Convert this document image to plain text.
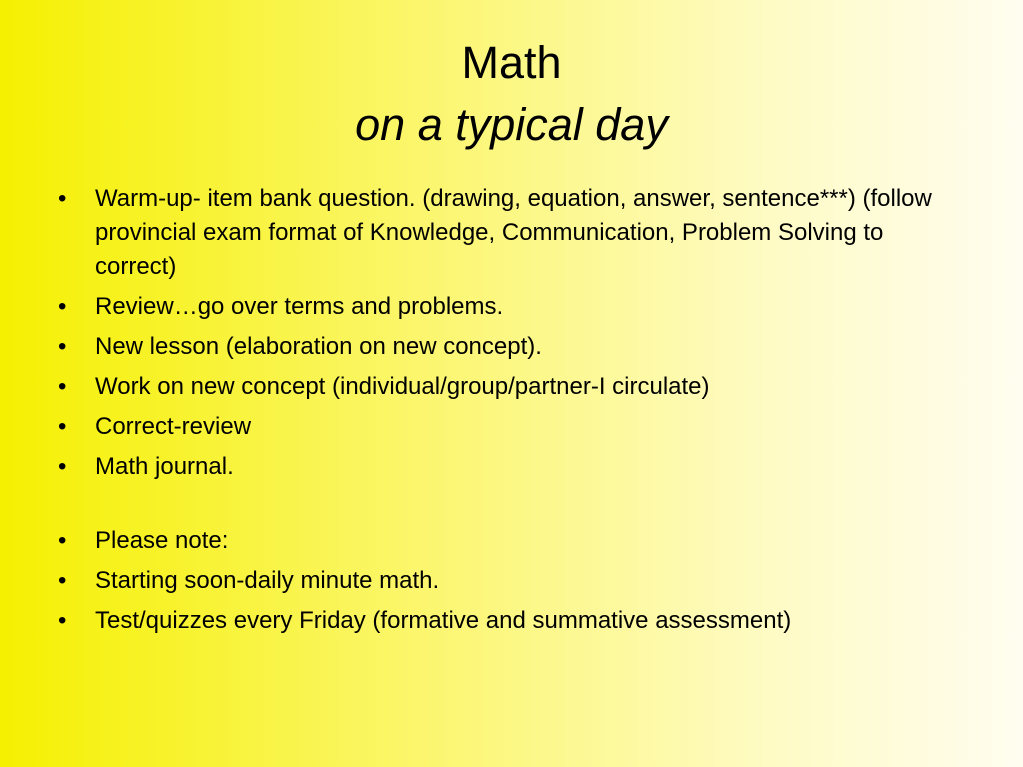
Math
on a typical day
•	Warm-up- item bank question. (drawing, equation, answer, sentence***) (follow provincial exam format of Knowledge, Communication, Problem Solving to correct)
•	Review…go over terms and problems.
•	New lesson (elaboration on new concept).
•	Work on new concept (individual/group/partner-I circulate)
•	Correct-review
•	Math journal.
•	Please note:
•	Starting soon-daily minute math.
•	Test/quizzes every Friday (formative and summative assessment)
